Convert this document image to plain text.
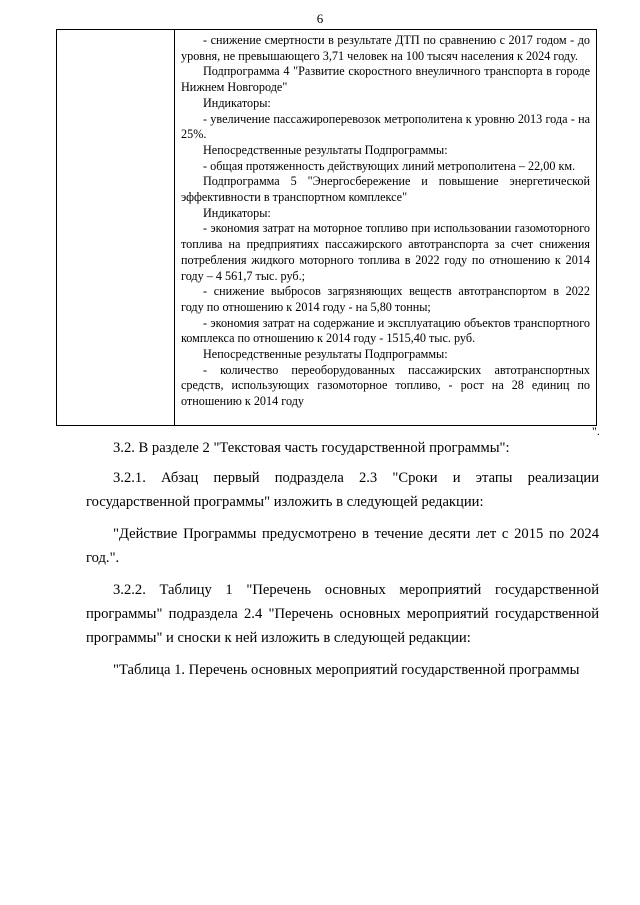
6

- снижение смертности в результате ДТП по сравнению с 2017 годом - до уровня, не превышающего 3,71 человек на 100 тысяч населения к 2024 году.

Подпрограмма 4 "Развитие скоростного внеуличного транспорта в городе Нижнем Новгороде"

Индикаторы:

- увеличение пассажироперевозок метрополитена к уровню 2013 года - на 25%.

Непосредственные результаты Подпрограммы:

- общая протяженность действующих линий метрополитена – 22,00 км.

Подпрограмма 5 "Энергосбережение и повышение энергетической эффективности в транспортном комплексе"

Индикаторы:

- экономия затрат на моторное топливо при использовании газомоторного топлива на предприятиях пассажирского автотранспорта за счет снижения потребления жидкого моторного топлива в 2022 году по отношению к 2014 году – 4 561,7 тыс. руб.;

- снижение выбросов загрязняющих веществ автотранспортом в 2022 году по отношению к 2014 году - на 5,80 тонны;

- экономия затрат на содержание и эксплуатацию объектов транспортного комплекса по отношению к 2014 году - 1515,40 тыс. руб.

Непосредственные результаты Подпрограммы:

- количество переоборудованных пассажирских автотранспортных средств, использующих газомоторное топливо, - рост на 28 единиц по отношению к 2014 году

".

3.2. В разделе 2 "Текстовая часть государственной программы":

3.2.1. Абзац первый подраздела 2.3 "Сроки и этапы реализации государственной программы" изложить в следующей редакции:

"Действие Программы предусмотрено в течение десяти лет с 2015 по 2024 год.".

3.2.2. Таблицу 1 "Перечень основных мероприятий государственной программы" подраздела 2.4 "Перечень основных мероприятий государственной программы" и сноски к ней изложить в следующей редакции:

"Таблица 1. Перечень основных мероприятий государственной программы
